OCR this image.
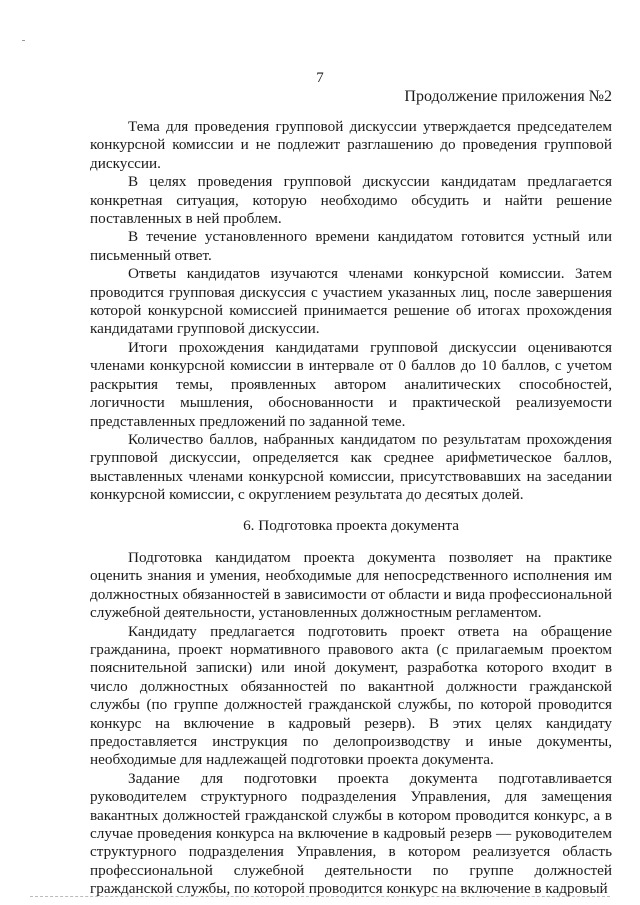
7
Продолжение приложения №2

Тема для проведения групповой дискуссии утверждается председателем конкурсной комиссии и не подлежит разглашению до проведения групповой дискуссии.

В целях проведения групповой дискуссии кандидатам предлагается конкретная ситуация, которую необходимо обсудить и найти решение поставленных в ней проблем.

В течение установленного времени кандидатом готовится устный или письменный ответ.

Ответы кандидатов изучаются членами конкурсной комиссии. Затем проводится групповая дискуссия с участием указанных лиц, после завершения которой конкурсной комиссией принимается решение об итогах прохождения кандидатами групповой дискуссии.

Итоги прохождения кандидатами групповой дискуссии оцениваются членами конкурсной комиссии в интервале от 0 баллов до 10 баллов, с учетом раскрытия темы, проявленных автором аналитических способностей, логичности мышления, обоснованности и практической реализуемости представленных предложений по заданной теме.

Количество баллов, набранных кандидатом по результатам прохождения групповой дискуссии, определяется как среднее арифметическое баллов, выставленных членами конкурсной комиссии, присутствовавших на заседании конкурсной комиссии, с округлением результата до десятых долей.

6. Подготовка проекта документа

Подготовка кандидатом проекта документа позволяет на практике оценить знания и умения, необходимые для непосредственного исполнения им должностных обязанностей в зависимости от области и вида профессиональной служебной деятельности, установленных должностным регламентом.

Кандидату предлагается подготовить проект ответа на обращение гражданина, проект нормативного правового акта (с прилагаемым проектом пояснительной записки) или иной документ, разработка которого входит в число должностных обязанностей по вакантной должности гражданской службы (по группе должностей гражданской службы, по которой проводится конкурс на включение в кадровый резерв). В этих целях кандидату предоставляется инструкция по делопроизводству и иные документы, необходимые для надлежащей подготовки проекта документа.

Задание для подготовки проекта документа подготавливается руководителем структурного подразделения Управления, для замещения вакантных должностей гражданской службы в котором проводится конкурс, а в случае проведения конкурса на включение в кадровый резерв — руководителем структурного подразделения Управления, в котором реализуется область профессиональной служебной деятельности по группе должностей гражданской службы, по которой проводится конкурс на включение в кадровый
